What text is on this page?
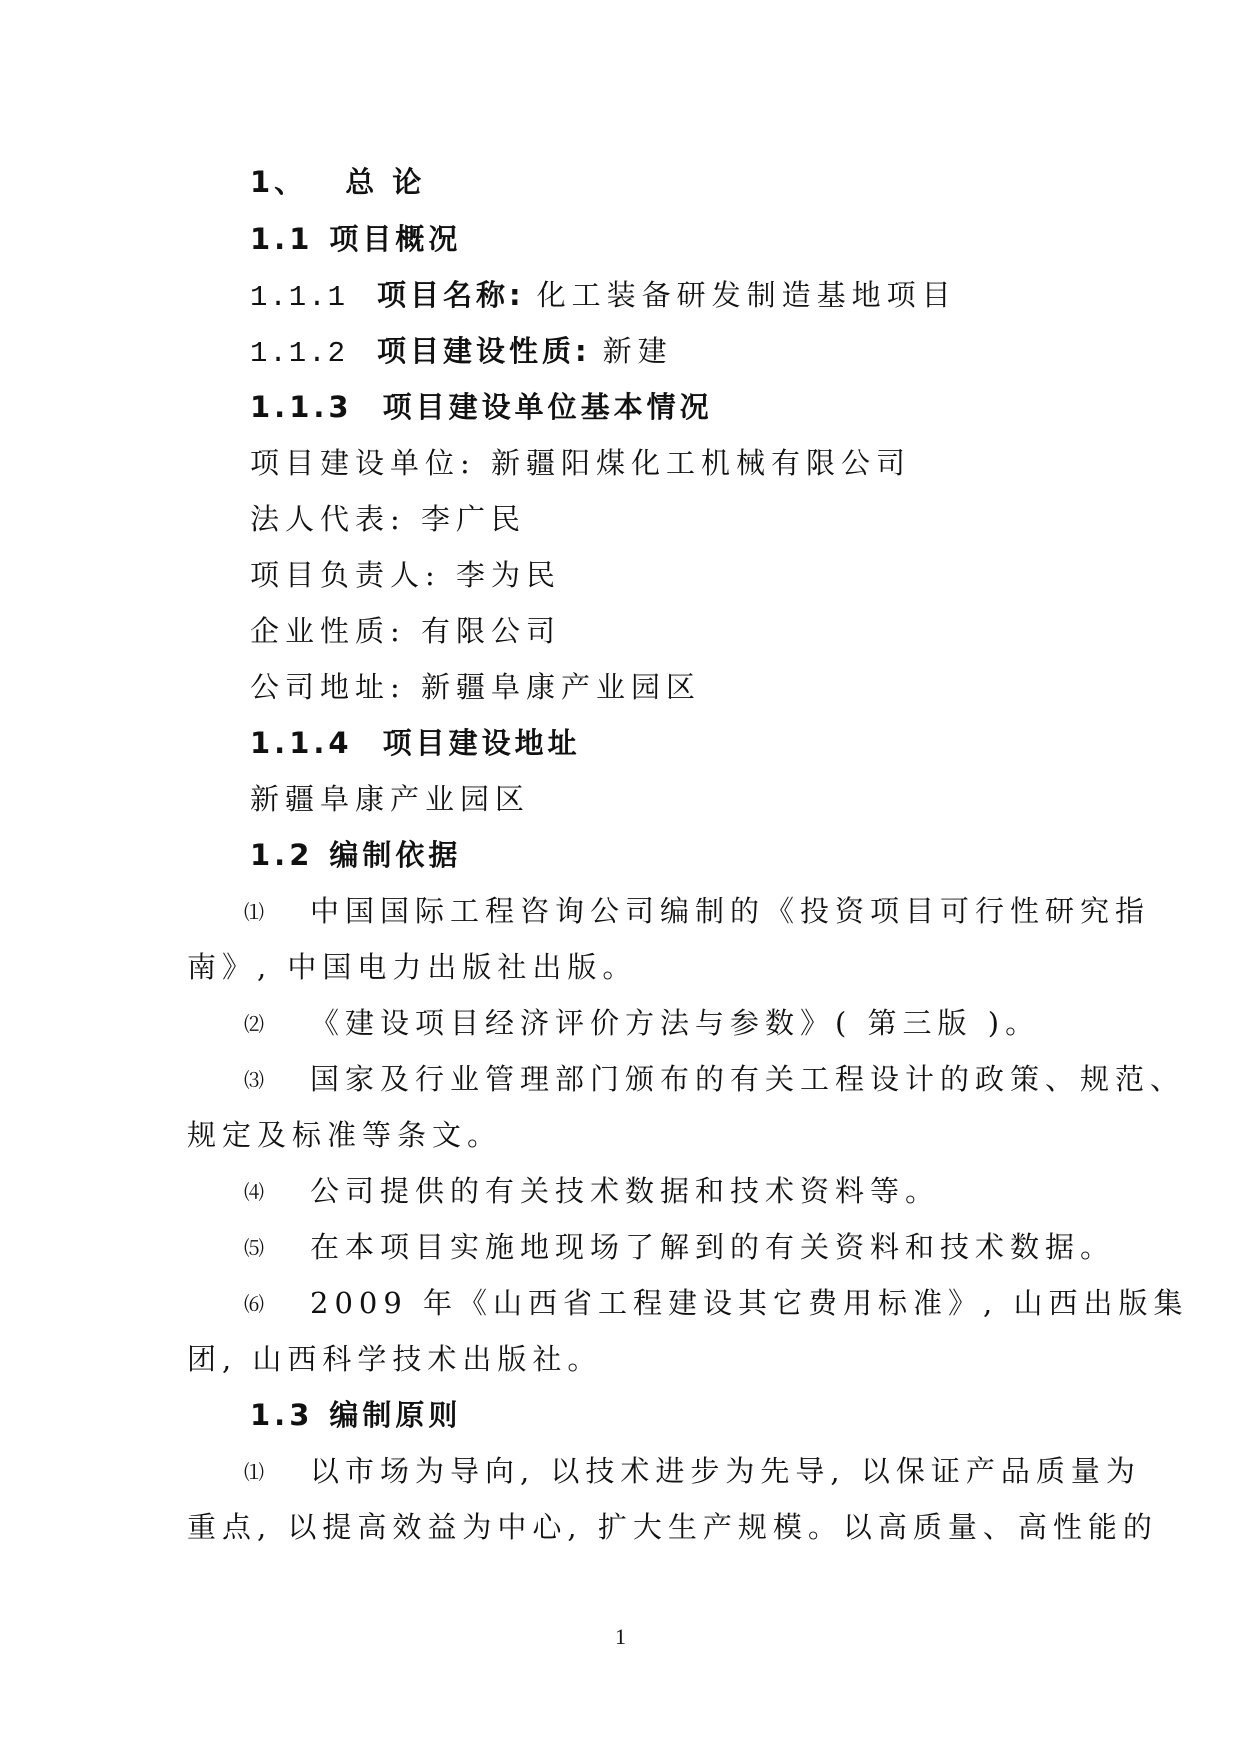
1、 总 论
1.1 项目概况
1.1.1 项目名称: 化工装备研发制造基地项目
1.1.2 项目建设性质: 新建
1.1.3 项目建设单位基本情况
项目建设单位: 新疆阳煤化工机械有限公司
法人代表: 李广民
项目负责人: 李为民
企业性质: 有限公司
公司地址: 新疆阜康产业园区
1.1.4 项目建设地址
新疆阜康产业园区
1.2 编制依据
⑴ 中国国际工程咨询公司编制的《投资项目可行性研究指
南》, 中国电力出版社出版。
⑵ 《建设项目经济评价方法与参数》( 第三版 )。
⑶ 国家及行业管理部门颁布的有关工程设计的政策、规范、
规定及标准等条文。
⑷ 公司提供的有关技术数据和技术资料等。
⑸ 在本项目实施地现场了解到的有关资料和技术数据。
⑹ 2009 年《山西省工程建设其它费用标准》, 山西出版集
团, 山西科学技术出版社。
1.3 编制原则
⑴ 以市场为导向, 以技术进步为先导, 以保证产品质量为
重点, 以提高效益为中心, 扩大生产规模。以高质量、高性能的
1
